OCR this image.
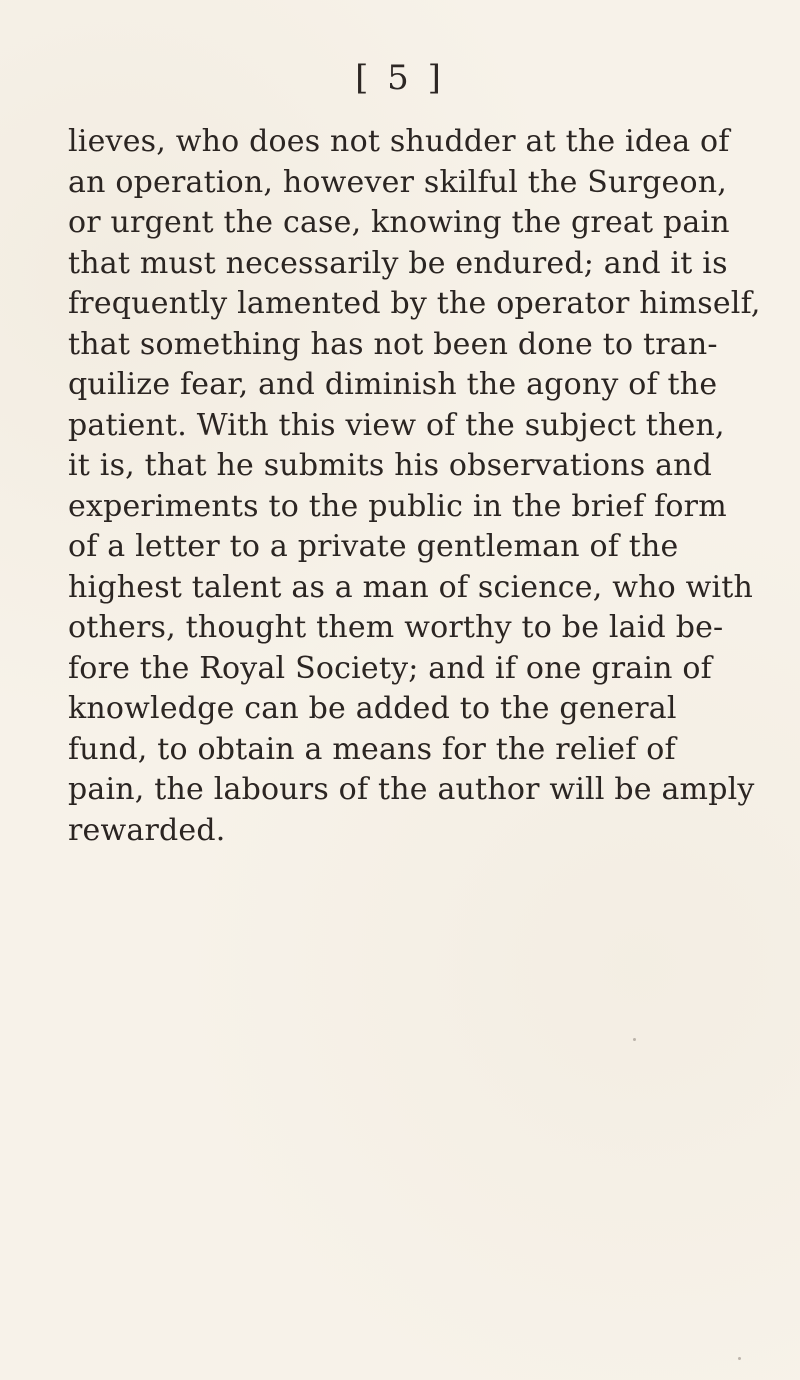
[ 5 ]
lieves, who does not shudder at the idea of
an operation, however skilful the Surgeon,
or urgent the case, knowing the great pain
that must necessarily be endured; and it is
frequently lamented by the operator himself,
that something has not been done to tran-
quilize fear, and diminish the agony of the
patient. With this view of the subject then,
it is, that he submits his observations and
experiments to the public in the brief form
of a letter to a private gentleman of the
highest talent as a man of science, who with
others, thought them worthy to be laid be-
fore the Royal Society; and if one grain of
knowledge can be added to the general
fund, to obtain a means for the relief of
pain, the labours of the author will be amply
rewarded.
